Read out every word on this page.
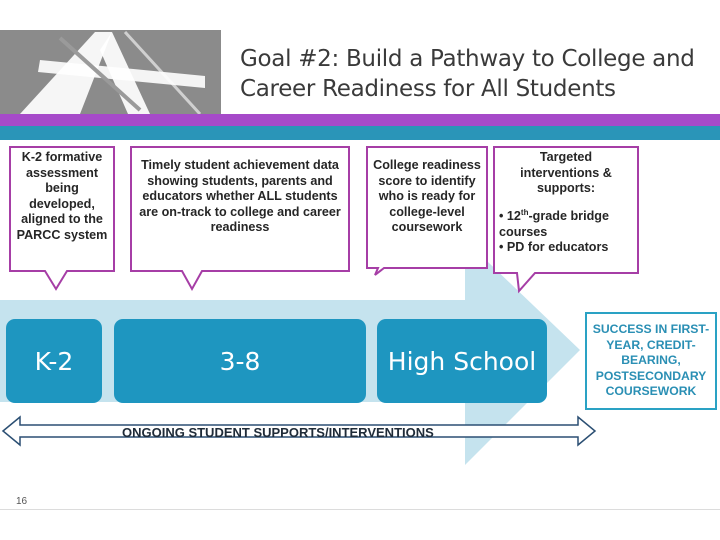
Goal #2: Build a Pathway to College and Career Readiness for All Students
K-2 formative assessment being developed, aligned to the PARCC system
Timely student achievement data showing students, parents and educators whether ALL students are on-track to college and career readiness
College readiness score to identify who is ready for college-level coursework
Targeted interventions & supports:
• 12th-grade bridge courses
• PD for educators
K-2	3-8	High School
SUCCESS IN FIRST-YEAR, CREDIT-BEARING, POSTSECONDARY COURSEWORK
ONGOING STUDENT SUPPORTS/INTERVENTIONS
16
